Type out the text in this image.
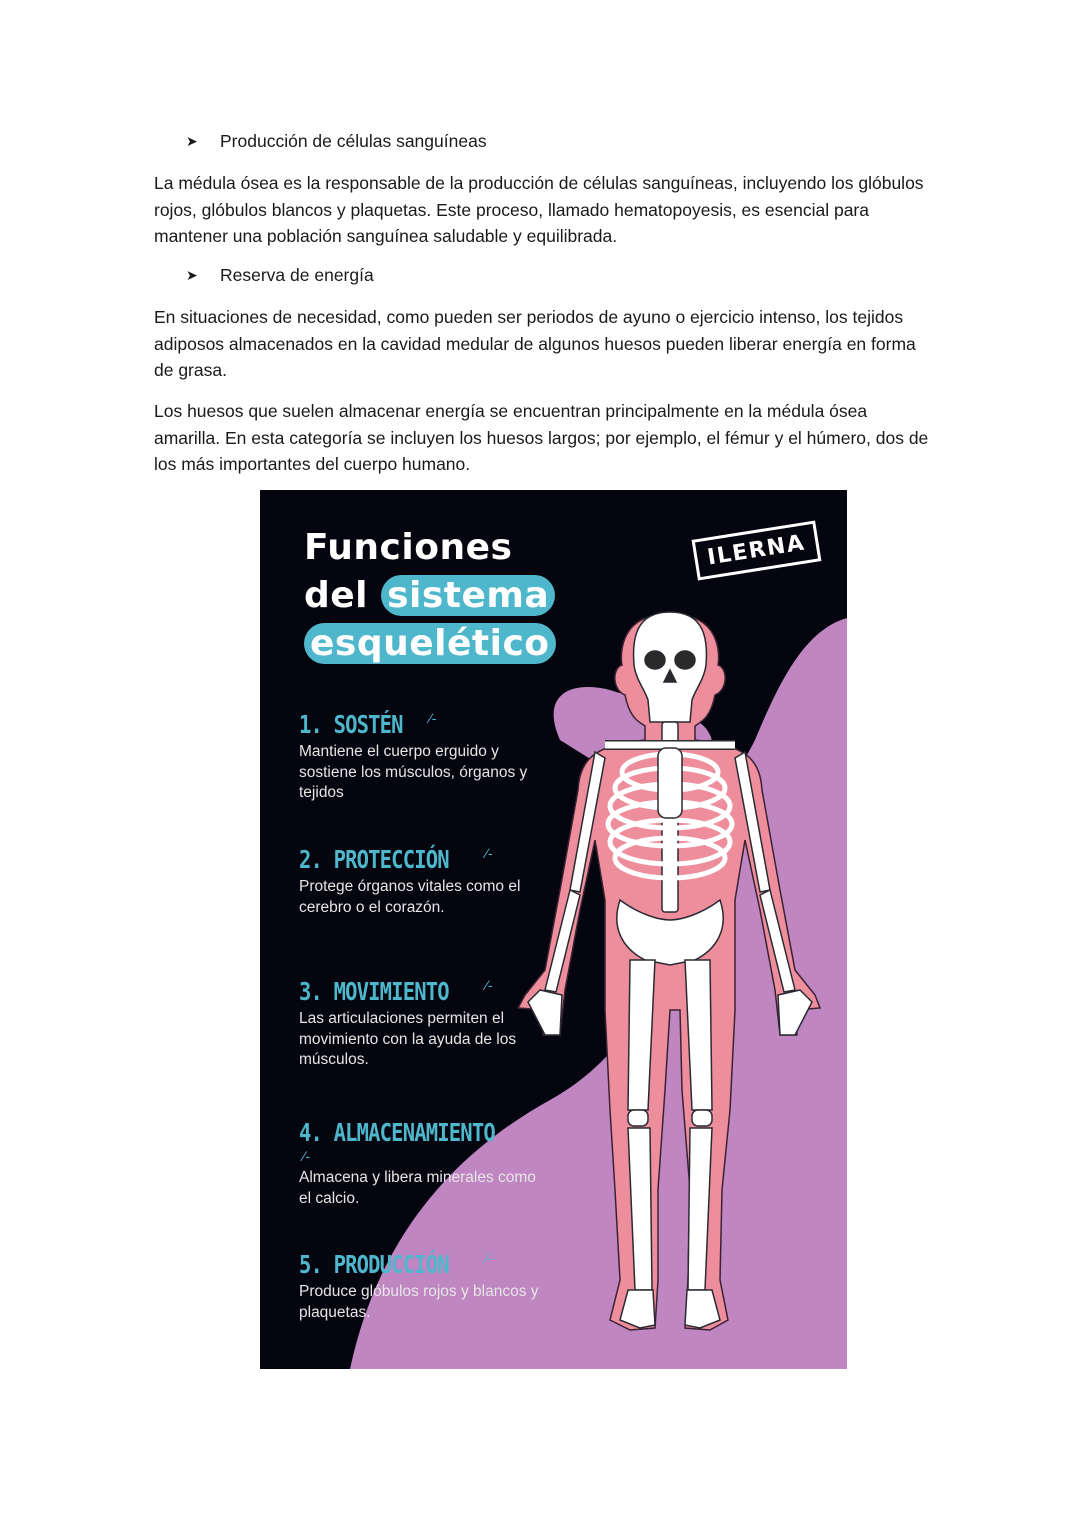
➤	Producción de células sanguíneas

La médula ósea es la responsable de la producción de células sanguíneas, incluyendo los glóbulos rojos, glóbulos blancos y plaquetas. Este proceso, llamado hematopoyesis, es esencial para mantener una población sanguínea saludable y equilibrada.

➤	Reserva de energía

En situaciones de necesidad, como pueden ser periodos de ayuno o ejercicio intenso, los tejidos adiposos almacenados en la cavidad medular de algunos huesos pueden liberar energía en forma de grasa.

Los huesos que suelen almacenar energía se encuentran principalmente en la médula ósea amarilla. En esta categoría se incluyen los huesos largos; por ejemplo, el fémur y el húmero, dos de los más importantes del cuerpo humano.

Funciones
del sistema
esquelético
ILERNA
1. SOSTÉN ⁄-
Mantiene el cuerpo erguido y sostiene los músculos, órganos y tejidos
2. PROTECCIÓN	⁄-
Protege órganos vitales como el cerebro o el corazón.
3. MOVIMIENTO	⁄-
Las articulaciones permiten el movimiento con la ayuda de los músculos.
4. ALMACENAMIENTO⁄-
Almacena y libera minerales como el calcio.
5. PRODUCCIÓN	⁄-
Produce glóbulos rojos y blancos y plaquetas.
